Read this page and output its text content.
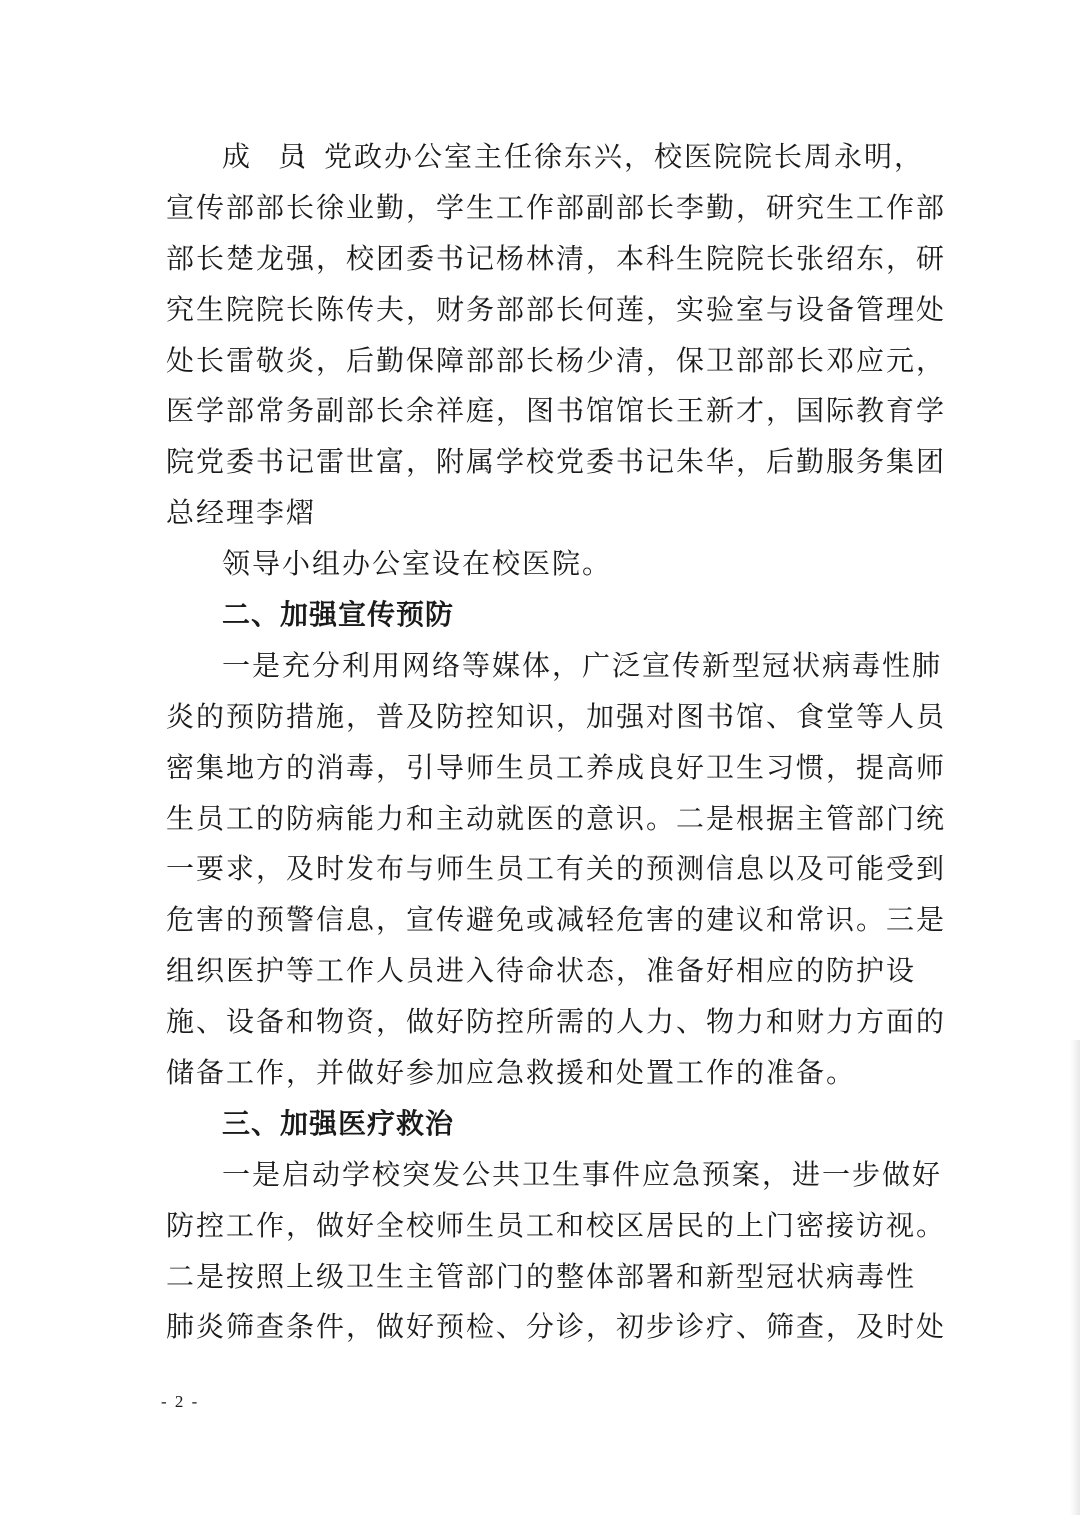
成　员：党政办公室主任徐东兴，校医院院长周永明，
宣传部部长徐业勤，学生工作部副部长李勤，研究生工作部
部长楚龙强，校团委书记杨林清，本科生院院长张绍东，研
究生院院长陈传夫，财务部部长何莲，实验室与设备管理处
处长雷敬炎，后勤保障部部长杨少清，保卫部部长邓应元，
医学部常务副部长余祥庭，图书馆馆长王新才，国际教育学
院党委书记雷世富，附属学校党委书记朱华，后勤服务集团
总经理李熠
领导小组办公室设在校医院。
二、加强宣传预防
一是充分利用网络等媒体，广泛宣传新型冠状病毒性肺
炎的预防措施，普及防控知识，加强对图书馆、食堂等人员
密集地方的消毒，引导师生员工养成良好卫生习惯，提高师
生员工的防病能力和主动就医的意识。二是根据主管部门统
一要求，及时发布与师生员工有关的预测信息以及可能受到
危害的预警信息，宣传避免或减轻危害的建议和常识。三是
组织医护等工作人员进入待命状态，准备好相应的防护设
施、设备和物资，做好防控所需的人力、物力和财力方面的
储备工作，并做好参加应急救援和处置工作的准备。
三、加强医疗救治
一是启动学校突发公共卫生事件应急预案，进一步做好
防控工作，做好全校师生员工和校区居民的上门密接访视。
二是按照上级卫生主管部门的整体部署和新型冠状病毒性
肺炎筛查条件，做好预检、分诊，初步诊疗、筛查，及时处
- 2 -
